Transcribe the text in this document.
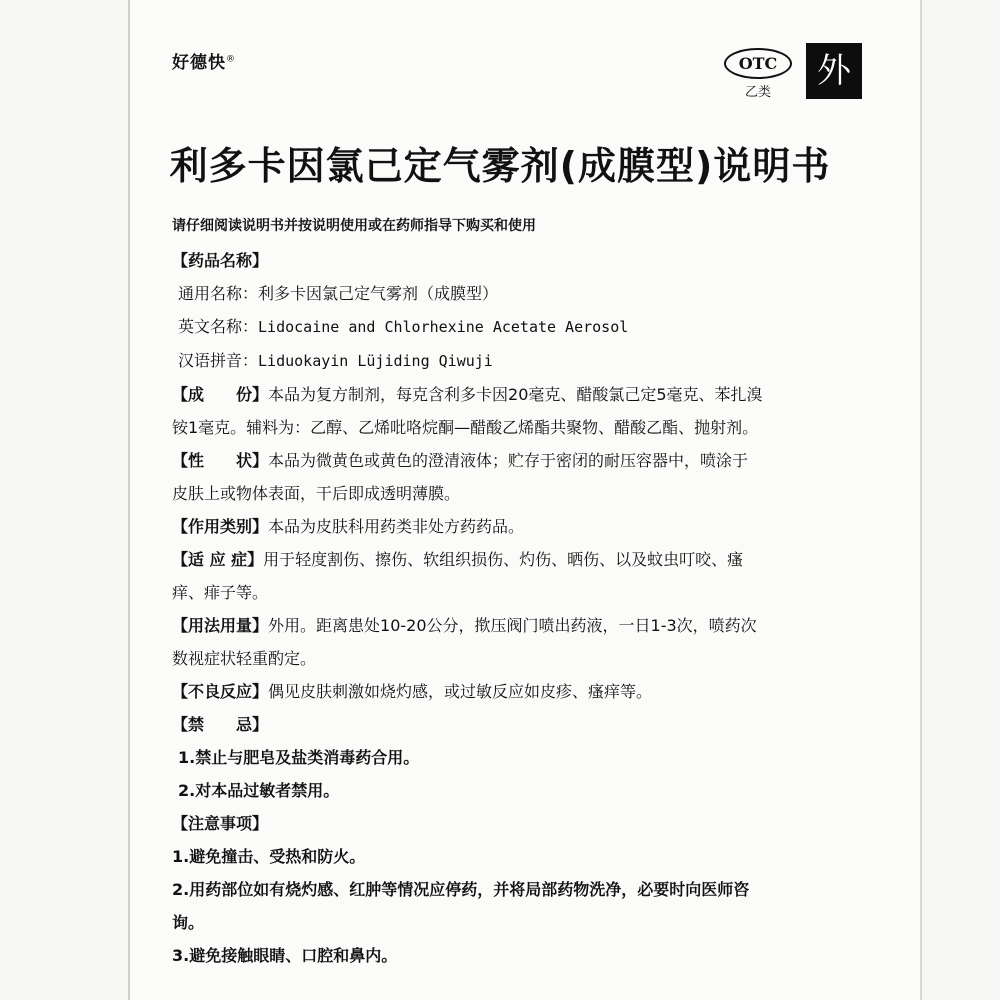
好德快®	OTC
乙类
外
利多卡因氯己定气雾剂(成膜型)说明书
请仔细阅读说明书并按说明使用或在药师指导下购买和使用
【药品名称】
通用名称：利多卡因氯己定气雾剂（成膜型）
英文名称：Lidocaine and Chlorhexine Acetate Aerosol
汉语拼音：Liduokayin Lüjiding Qiwuji
【成　　份】本品为复方制剂，每克含利多卡因20毫克、醋酸氯己定5毫克、苯扎溴
铵1毫克。辅料为：乙醇、乙烯吡咯烷酮—醋酸乙烯酯共聚物、醋酸乙酯、抛射剂。
【性　　状】本品为微黄色或黄色的澄清液体；贮存于密闭的耐压容器中，喷涂于
皮肤上或物体表面，干后即成透明薄膜。
【作用类别】本品为皮肤科用药类非处方药药品。
【适 应 症】用于轻度割伤、擦伤、软组织损伤、灼伤、晒伤、以及蚊虫叮咬、瘙
痒、痱子等。
【用法用量】外用。距离患处10-20公分，揿压阀门喷出药液，一日1-3次，喷药次
数视症状轻重酌定。
【不良反应】偶见皮肤刺激如烧灼感，或过敏反应如皮疹、瘙痒等。
【禁　　忌】
1.禁止与肥皂及盐类消毒药合用。
2.对本品过敏者禁用。
【注意事项】
1.避免撞击、受热和防火。
2.用药部位如有烧灼感、红肿等情况应停药，并将局部药物洗净，必要时向医师咨
询。
3.避免接触眼睛、口腔和鼻内。
